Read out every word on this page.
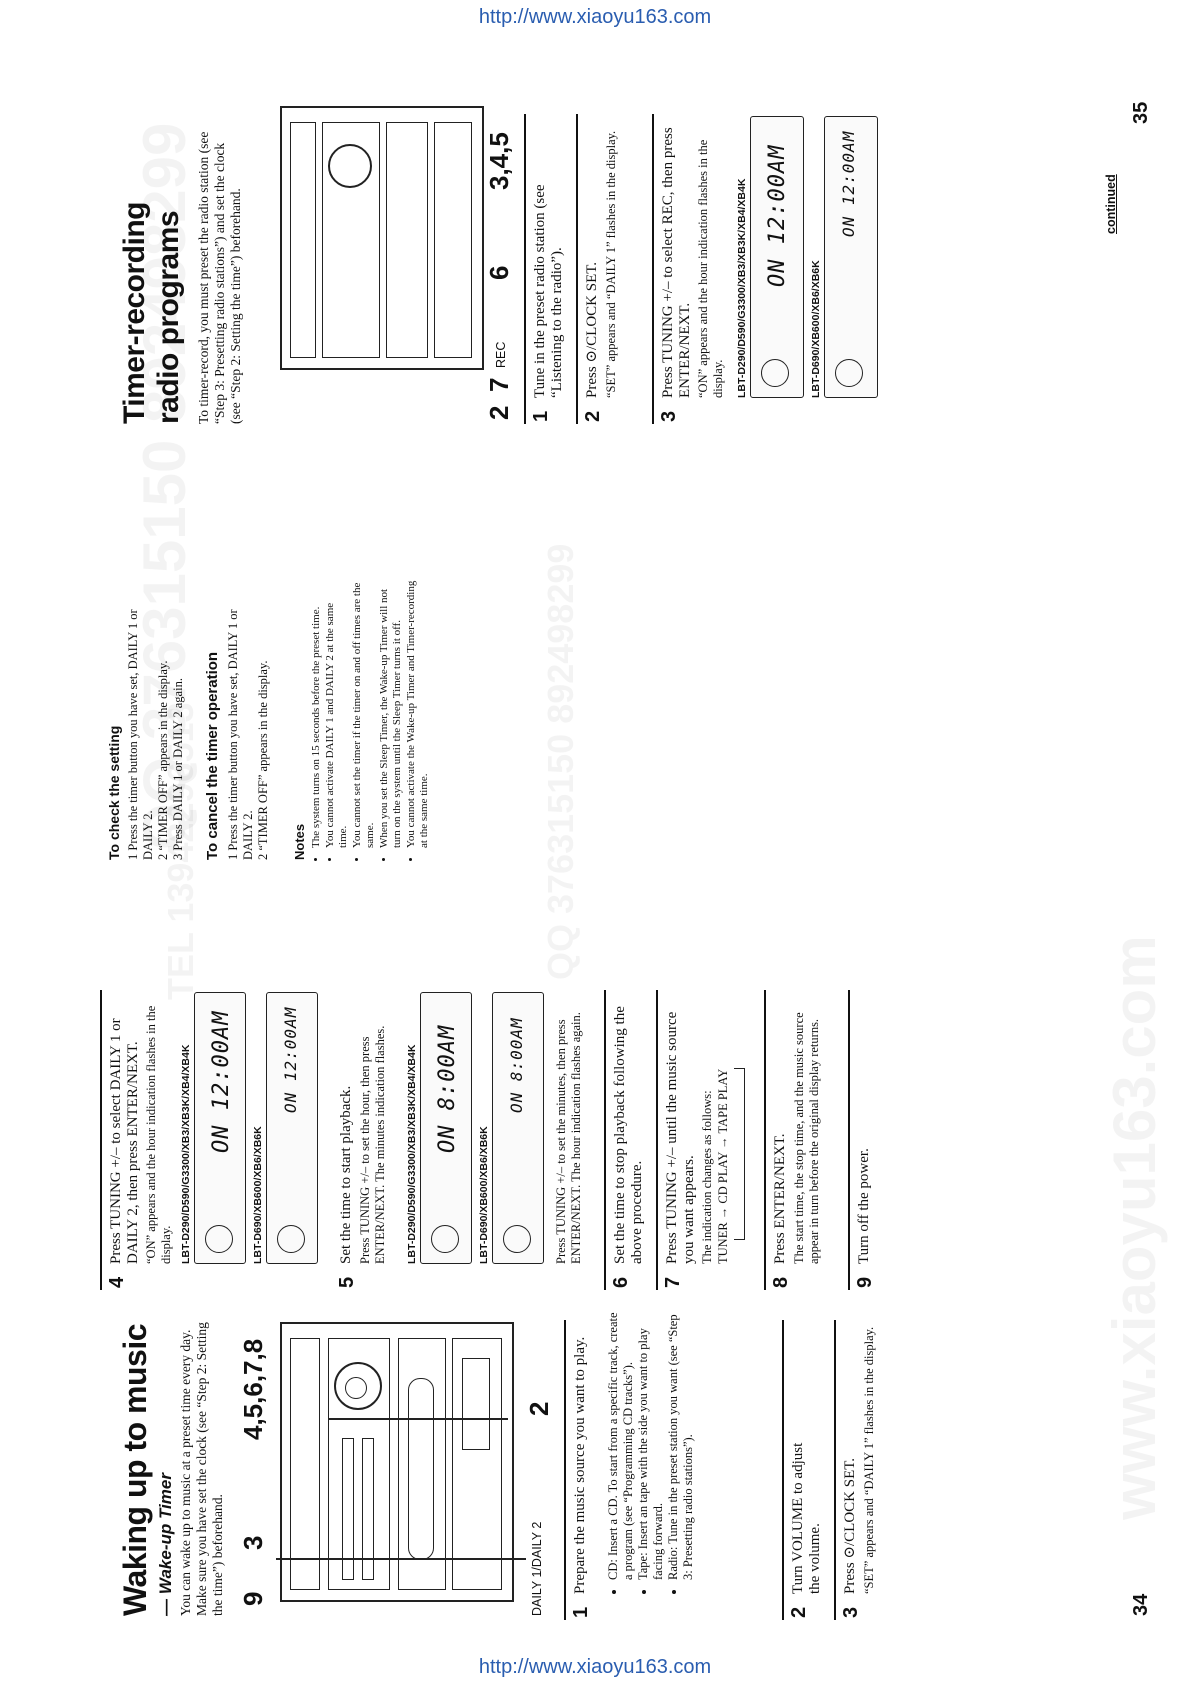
http://www.xiaoyu163.com
Waking up to music — Wake-up Timer You can wake up to music at a preset time every day. Make sure you have set the clock (see “Step 2: Setting the time”) beforehand. 9
3
4,5,6,7,8
DAILY 1/DAILY 2
2
1
Prepare the music source you want to play. • CD: Insert a CD. To start from a specific track, create a program (see “Programming CD tracks”). • Tape: Insert an tape with the side you want to play facing forward. • Radio: Tune in the preset station you want (see “Step 3: Presetting radio stations”).
2
Turn VOLUME to adjust the volume.
3
Press ⊙/CLOCK SET. “SET” appears and “DAILY 1” flashes in the display.
34
4
Press TUNING +/– to select DAILY 1 or DAILY 2, then press ENTER/NEXT. “ON” appears and the hour indication flashes in the display. LBT-D290/D590/G3300/XB3/XB3K/XB4/XB4K ON 12:00AM
LBT-D690/XB600/XB6/XB6K
ON 12:00AM
5
Set the time to start playback. Press TUNING +/– to set the hour, then press ENTER/NEXT. The minutes indication flashes. LBT-D290/D590/G3300/XB3/XB3K/XB4/XB4K ON 8:00AM
LBT-D690/XB600/XB6/XB6K
ON 8:00AM Press TUNING +/– to set the minutes, then press ENTER/NEXT. The hour indication flashes again.
6
Set the time to stop playback following the above procedure.
7
Press TUNING +/– until the music source you want appears. The indication changes as follows: TUNER → CD PLAY → TAPE PLAY
8
Press ENTER/NEXT. The start time, the stop time, and the music source appear in turn before the original display returns.
9
Turn off the power.
To check the setting 1 Press the timer button you have set, DAILY 1 or DAILY 2. 2 “TIMER OFF” appears in the display. 3 Press DAILY 1 or DAILY 2 again. To cancel the timer operation 1 Press the timer button you have set, DAILY 1 or DAILY 2. 2 “TIMER OFF” appears in the display. Notes • The system turns on 15 seconds before the preset time. • You cannot activate DAILY 1 and DAILY 2 at the same time. • You cannot set the timer if the timer on and off times are the same. • When you set the Sleep Timer, the Wake-up Timer will not turn on the system until the Sleep Timer turns it off. • You cannot activate the Wake-up Timer and Timer-recording at the same time.
Timer-recording radio programs To timer-record, you must preset the radio station (see “Step 3: Presetting radio stations”) and set the clock (see “Step 2: Setting the time”) beforehand.	2
7
REC
6
3,4,5
1
Tune in the preset radio station (see “Listening to the radio”).
2
Press ⊙/CLOCK SET. “SET” appears and “DAILY 1” flashes in the display.
3
Press TUNING +/– to select REC, then press ENTER/NEXT. “ON” appears and the hour indication flashes in the display. LBT-D290/D590/G3300/XB3/XB3K/XB4/XB4K ON 12:00AM
LBT-D690/XB600/XB6/XB6K
ON 12:00AM	continued
35
http://www.xiaoyu163.com
